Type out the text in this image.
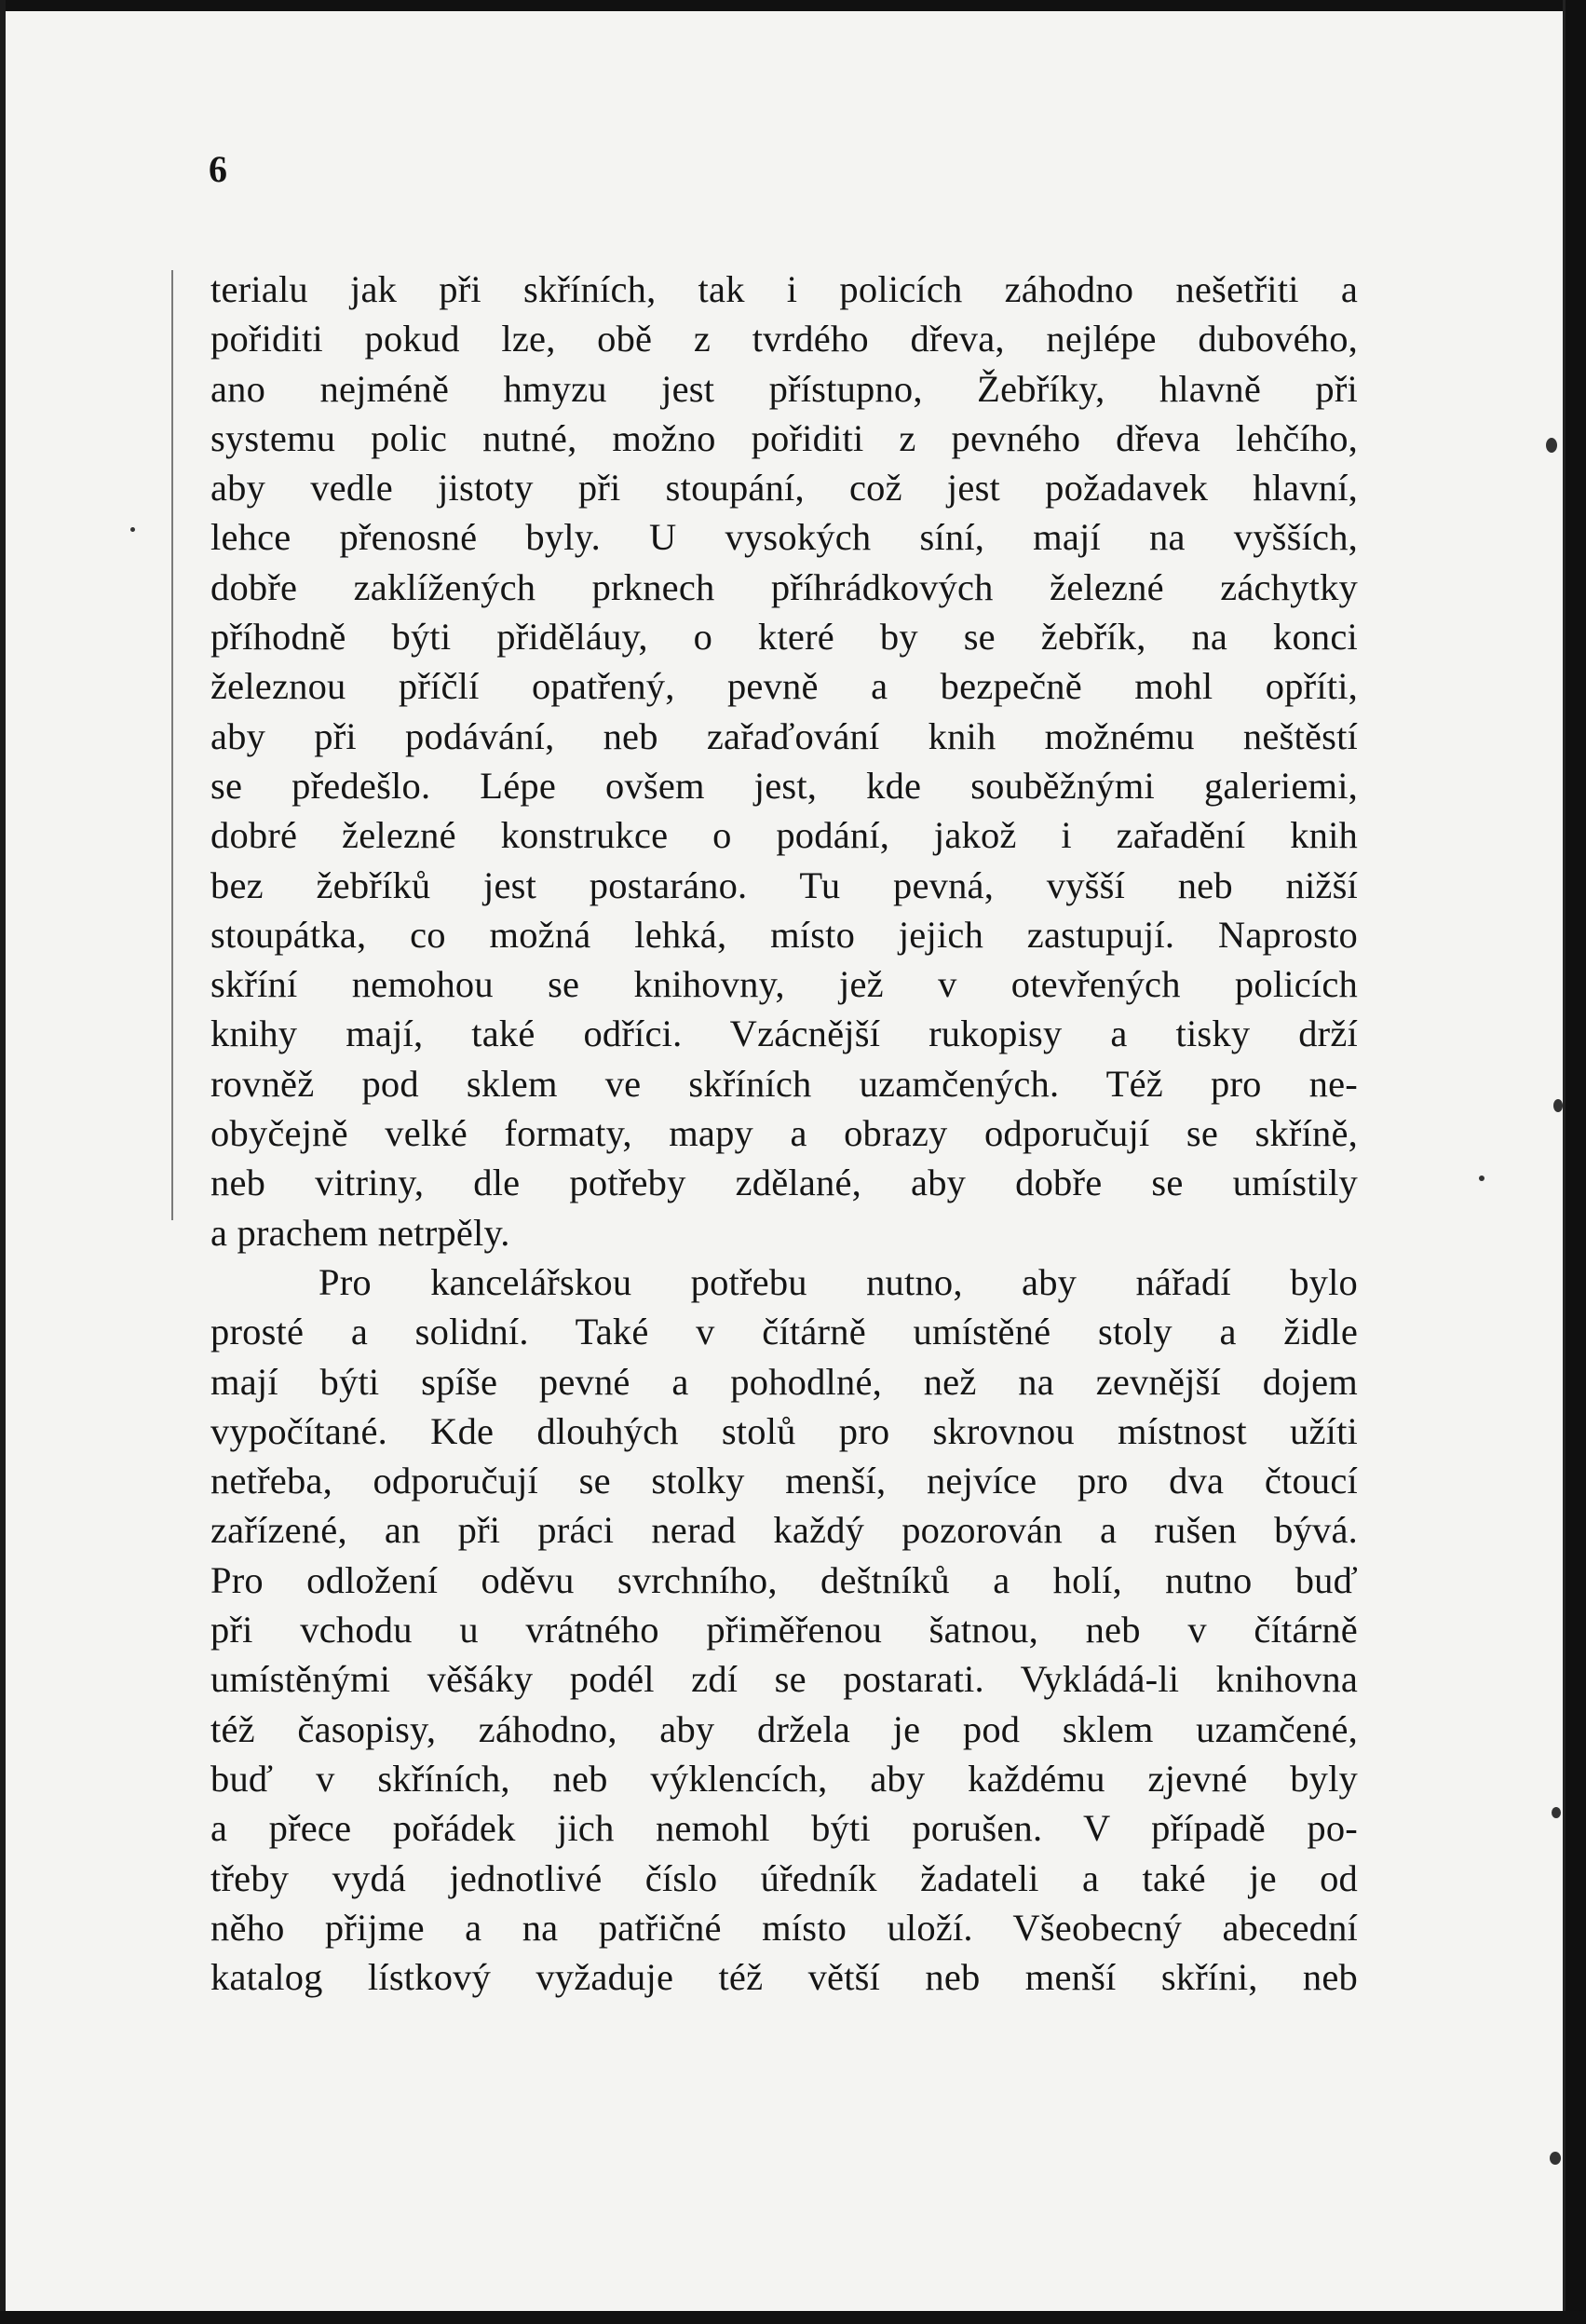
6
terialu jak při skříních, tak i policích záhodno nešetřiti a
pořiditi pokud lze, obě z tvrdého dřeva, nejlépe dubového,
ano nejméně hmyzu jest přístupno, Žebříky, hlavně při
systemu polic nutné, možno pořiditi z pevného dřeva lehčího,
aby vedle jistoty při stoupání, což jest požadavek hlavní,
lehce přenosné byly. U vysokých síní, mají na vyšších,
dobře zaklížených prknech příhrádkových železné záchytky
příhodně býti přiděláuy, o které by se žebřík, na konci
železnou příčlí opatřený, pevně a bezpečně mohl opříti,
aby při podávání, neb zařaďování knih možnému neštěstí
se předešlo. Lépe ovšem jest, kde souběžnými galeriemi,
dobré železné konstrukce o podání, jakož i zařadění knih
bez žebříků jest postaráno. Tu pevná, vyšší neb nižší
stoupátka, co možná lehká, místo jejich zastupují. Naprosto
skříní nemohou se knihovny, jež v otevřených policích
knihy mají, také odříci. Vzácnější rukopisy a tisky drží
rovněž pod sklem ve skříních uzamčených. Též pro ne-
obyčejně velké formaty, mapy a obrazy odporučují se skříně,
neb vitriny, dle potřeby zdělané, aby dobře se umístily
a prachem netrpěly.
Pro kancelářskou potřebu nutno, aby nářadí bylo
prosté a solidní. Také v čítárně umístěné stoly a židle
mají býti spíše pevné a pohodlné, než na zevnější dojem
vypočítané. Kde dlouhých stolů pro skrovnou místnost užíti
netřeba, odporučují se stolky menší, nejvíce pro dva čtoucí
zařízené, an při práci nerad každý pozorován a rušen bývá.
Pro odložení oděvu svrchního, deštníků a holí, nutno buď
při vchodu u vrátného přiměřenou šatnou, neb v čítárně
umístěnými věšáky podél zdí se postarati. Vykládá-li knihovna
též časopisy, záhodno, aby držela je pod sklem uzamčené,
buď v skříních, neb výklencích, aby každému zjevné byly
a přece pořádek jich nemohl býti porušen. V případě po-
třeby vydá jednotlivé číslo úředník žadateli a také je od
něho přijme a na patřičné místo uloží. Všeobecný abecední
katalog lístkový vyžaduje též větší neb menší skříni, neb
